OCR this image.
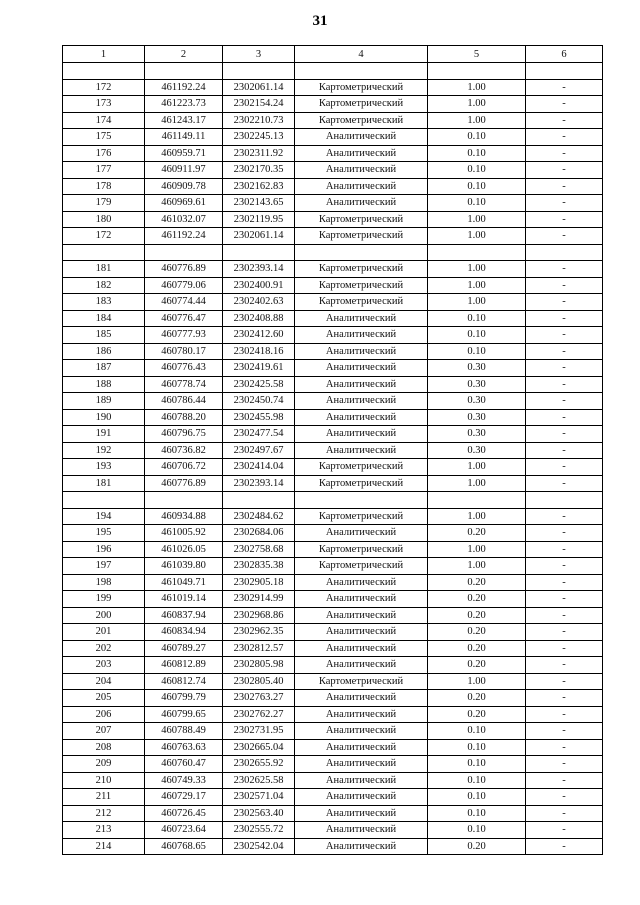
31
1	2	3	4	5	6

172	461192.24	2302061.14	Картометрический	1.00	-
173	461223.73	2302154.24	Картометрический	1.00	-
174	461243.17	2302210.73	Картометрический	1.00	-
175	461149.11	2302245.13	Аналитический	0.10	-
176	460959.71	2302311.92	Аналитический	0.10	-
177	460911.97	2302170.35	Аналитический	0.10	-
178	460909.78	2302162.83	Аналитический	0.10	-
179	460969.61	2302143.65	Аналитический	0.10	-
180	461032.07	2302119.95	Картометрический	1.00	-
172	461192.24	2302061.14	Картометрический	1.00	-

181	460776.89	2302393.14	Картометрический	1.00	-
182	460779.06	2302400.91	Картометрический	1.00	-
183	460774.44	2302402.63	Картометрический	1.00	-
184	460776.47	2302408.88	Аналитический	0.10	-
185	460777.93	2302412.60	Аналитический	0.10	-
186	460780.17	2302418.16	Аналитический	0.10	-
187	460776.43	2302419.61	Аналитический	0.30	-
188	460778.74	2302425.58	Аналитический	0.30	-
189	460786.44	2302450.74	Аналитический	0.30	-
190	460788.20	2302455.98	Аналитический	0.30	-
191	460796.75	2302477.54	Аналитический	0.30	-
192	460736.82	2302497.67	Аналитический	0.30	-
193	460706.72	2302414.04	Картометрический	1.00	-
181	460776.89	2302393.14	Картометрический	1.00	-

194	460934.88	2302484.62	Картометрический	1.00	-
195	461005.92	2302684.06	Аналитический	0.20	-
196	461026.05	2302758.68	Картометрический	1.00	-
197	461039.80	2302835.38	Картометрический	1.00	-
198	461049.71	2302905.18	Аналитический	0.20	-
199	461019.14	2302914.99	Аналитический	0.20	-
200	460837.94	2302968.86	Аналитический	0.20	-
201	460834.94	2302962.35	Аналитический	0.20	-
202	460789.27	2302812.57	Аналитический	0.20	-
203	460812.89	2302805.98	Аналитический	0.20	-
204	460812.74	2302805.40	Картометрический	1.00	-
205	460799.79	2302763.27	Аналитический	0.20	-
206	460799.65	2302762.27	Аналитический	0.20	-
207	460788.49	2302731.95	Аналитический	0.10	-
208	460763.63	2302665.04	Аналитический	0.10	-
209	460760.47	2302655.92	Аналитический	0.10	-
210	460749.33	2302625.58	Аналитический	0.10	-
211	460729.17	2302571.04	Аналитический	0.10	-
212	460726.45	2302563.40	Аналитический	0.10	-
213	460723.64	2302555.72	Аналитический	0.10	-
214	460768.65	2302542.04	Аналитический	0.20	-
